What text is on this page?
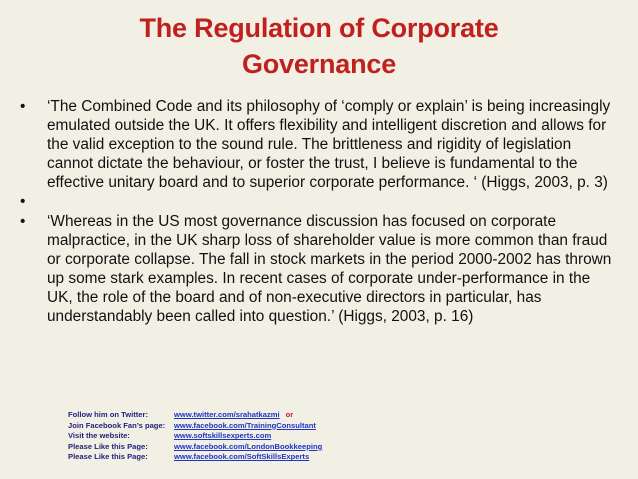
The Regulation of Corporate
Governance
•	‘The Combined Code and its philosophy of ‘comply or explain’ is being increasingly emulated outside the UK. It offers flexibility and intelligent discretion and allows for the valid exception to the sound rule. The brittleness and rigidity of legislation cannot dictate the behaviour, or foster the trust, I believe is fundamental to the effective unitary board and to superior corporate performance. ‘ (Higgs, 2003, p. 3)
•
•	‘Whereas in the US most governance discussion has focused on corporate malpractice, in the UK sharp loss of shareholder value is more common than fraud or corporate collapse. The fall in stock markets in the period 2000-2002 has thrown up some stark examples. In recent cases of corporate under-performance in the UK, the role of the board and of non-executive directors in particular, has understandably been called into question.’ (Higgs, 2003, p. 16)
Follow him on Twitter:	www.twitter.com/srahatkazmi or
Join Facebook Fan’s page:	www.facebook.com/TrainingConsultant
Visit the website:	www.softskillsexperts.com
Please Like this Page:	www.facebook.com/LondonBookkeeping
Please Like this Page:	www.facebook.com/SoftSkillsExperts
